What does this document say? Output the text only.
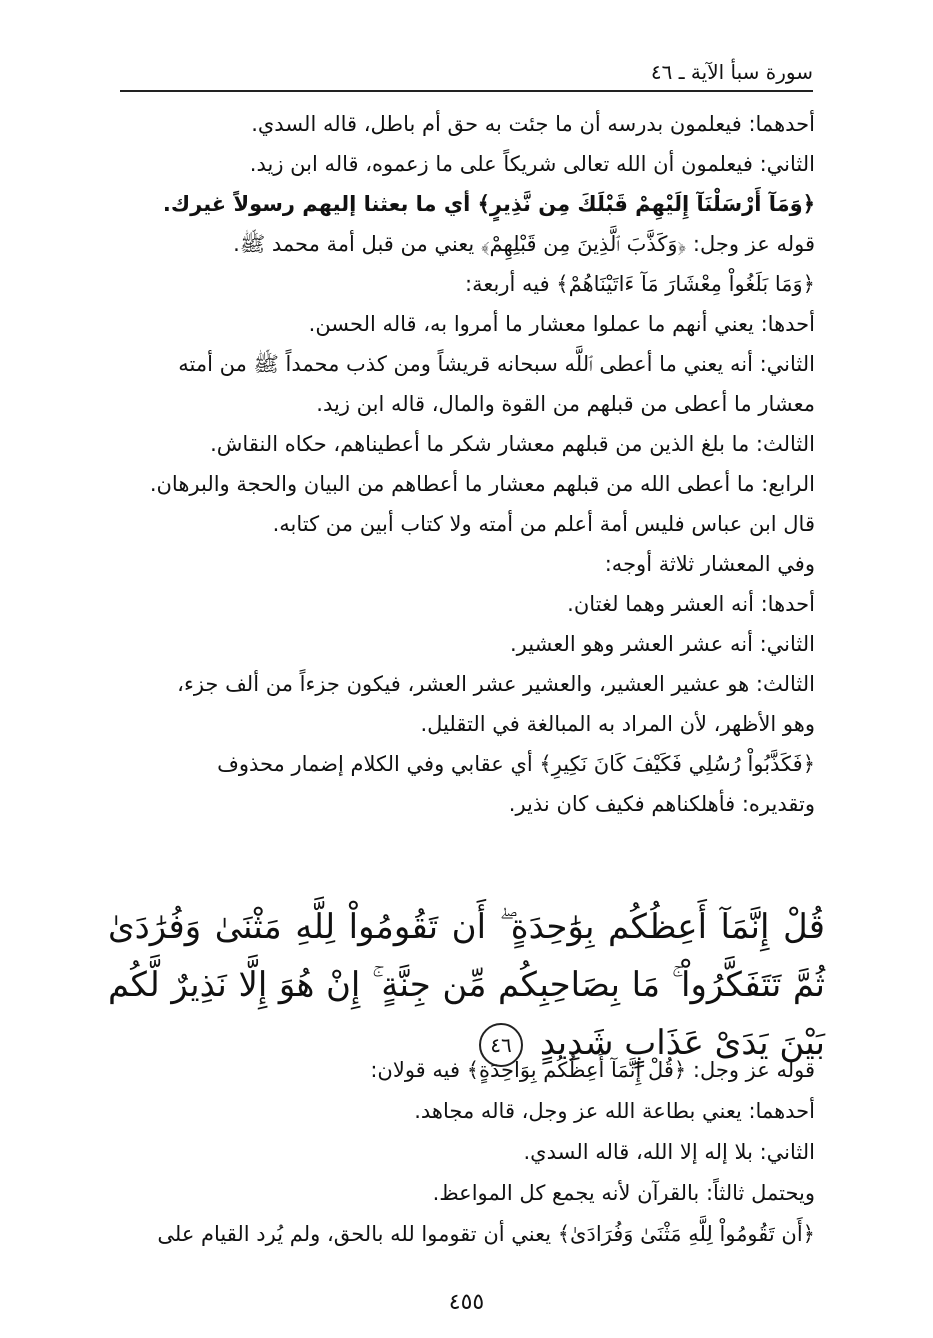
سورة سبأ الآية ـ ٤٦

أحدهما: فيعلمون بدرسه أن ما جئت به حق أم باطل، قاله السدي.

الثاني: فيعلمون أن الله تعالى شريكاً على ما زعموه، قاله ابن زيد.

﴿وَمَآ أَرْسَلْنَآ إِلَيْهِمْ قَبْلَكَ مِن نَّذِيرٍ﴾ أي ما بعثنا إليهم رسولاً غيرك.

قوله عز وجل: ﴿وَكَذَّبَ ٱلَّذِينَ مِن قَبْلِهِمْ﴾ يعني من قبل أمة محمد ﷺ.

﴿وَمَا بَلَغُواْ مِعْشَارَ مَآ ءَاتَيْنَاهُمْ﴾ فيه أربعة:

أحدها: يعني أنهم ما عملوا معشار ما أمروا به، قاله الحسن.

الثاني: أنه يعني ما أعطى ٱللَّه سبحانه قريشاً ومن كذب محمداً ﷺ من أمته

معشار ما أعطى من قبلهم من القوة والمال، قاله ابن زيد.

الثالث: ما بلغ الذين من قبلهم معشار شكر ما أعطيناهم، حكاه النقاش.

الرابع: ما أعطى الله من قبلهم معشار ما أعطاهم من البيان والحجة والبرهان.

قال ابن عباس فليس أمة أعلم من أمته ولا كتاب أبين من كتابه.

وفي المعشار ثلاثة أوجه:

أحدها: أنه العشر وهما لغتان.

الثاني: أنه عشر العشر وهو العشير.

الثالث: هو عشير العشير، والعشير عشر العشر، فيكون جزءاً من ألف جزء،

وهو الأظهر، لأن المراد به المبالغة في التقليل.

﴿فَكَذَّبُواْ رُسُلِي فَكَيْفَ كَانَ نَكِيرِ﴾ أي عقابي وفي الكلام إضمار محذوف

وتقديره: فأهلكناهم فكيف كان نذير.

قُلْ إِنَّمَآ أَعِظُكُم بِوَٰحِدَةٍ ۖ أَن تَقُومُواْ لِلَّهِ مَثْنَىٰ وَفُرَٰدَىٰ ثُمَّ تَتَفَكَّرُواْ ۚ مَا بِصَاحِبِكُم مِّن جِنَّةٍ ۚ إِنْ هُوَ إِلَّا نَذِيرٌ لَّكُم بَيْنَ يَدَىْ عَذَابٍ شَدِيدٍ ٤٦

قوله عز وجل: ﴿قُلْ إِنَّمَآ أَعِظُكُم بِوَاحِدَةٍ﴾ فيه قولان:

أحدهما: يعني بطاعة الله عز وجل، قاله مجاهد.

الثاني: بلا إله إلا الله، قاله السدي.

ويحتمل ثالثاً: بالقرآن لأنه يجمع كل المواعظ.

﴿أَن تَقُومُواْ لِلَّهِ مَثْنَىٰ وَفُرَادَىٰ﴾ يعني أن تقوموا لله بالحق، ولم يُرد القيام على

٤٥٥
